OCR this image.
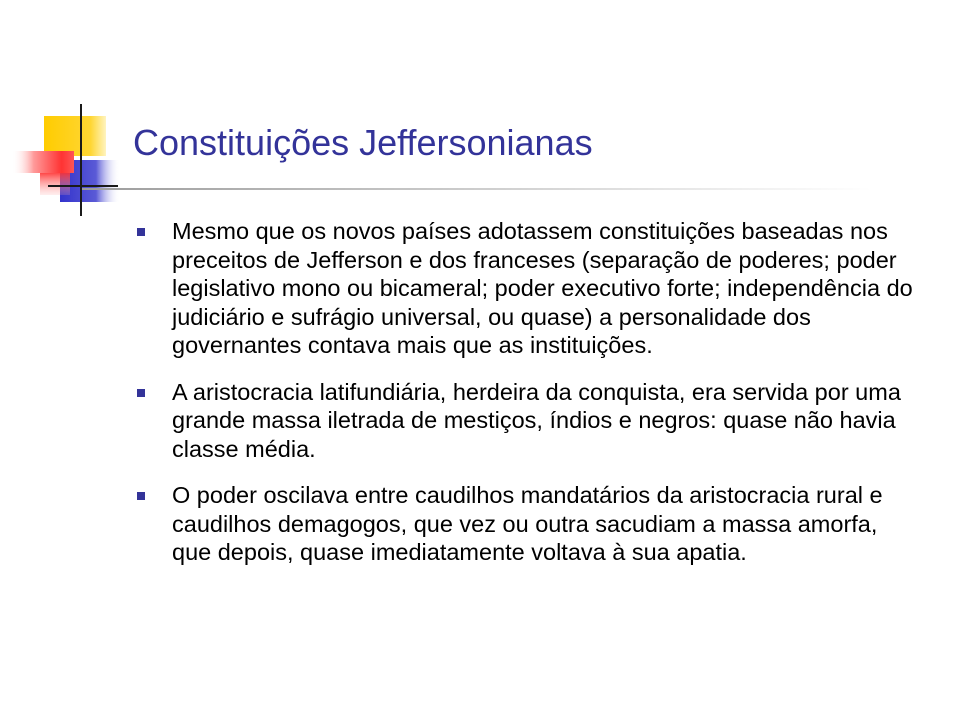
Constituições Jeffersonianas
Mesmo que os novos países adotassem constituições baseadas nos preceitos de Jefferson e dos franceses (separação de poderes; poder legislativo mono ou bicameral; poder executivo forte; independência do judiciário e sufrágio universal, ou quase) a personalidade dos governantes contava mais que as instituições.
A aristocracia latifundiária, herdeira da conquista, era servida por uma grande massa iletrada de mestiços, índios e negros: quase não havia classe média.
O poder oscilava entre caudilhos mandatários da aristocracia rural e caudilhos demagogos, que vez ou outra sacudiam a massa amorfa, que depois, quase imediatamente voltava à sua apatia.
